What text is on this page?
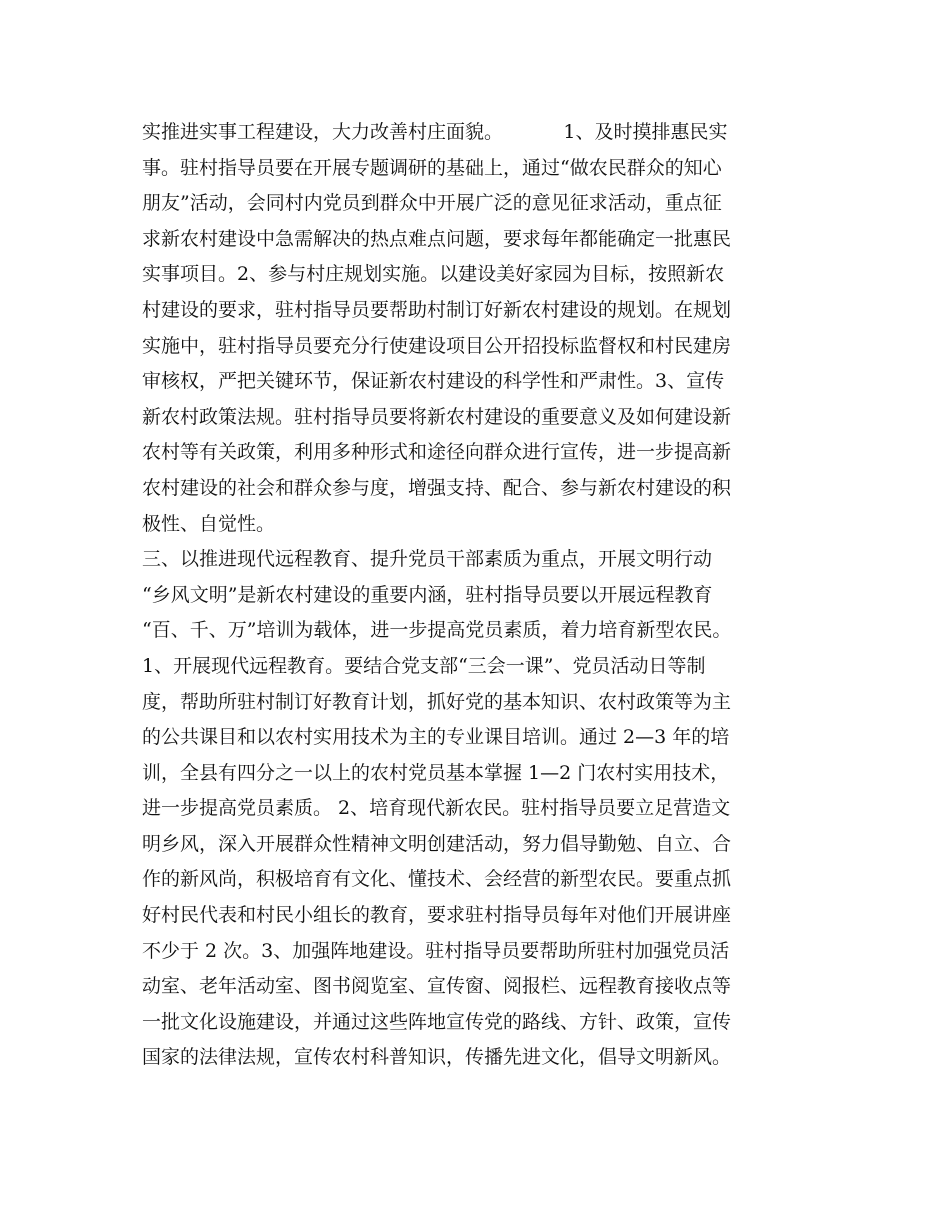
实推进实事工程建设，大力改善村庄面貌。          1、及时摸排惠民实
事。驻村指导员要在开展专题调研的基础上，通过“做农民群众的知心
朋友”活动，会同村内党员到群众中开展广泛的意见征求活动，重点征
求新农村建设中急需解决的热点难点问题，要求每年都能确定一批惠民
实事项目。2、参与村庄规划实施。以建设美好家园为目标，按照新农
村建设的要求，驻村指导员要帮助村制订好新农村建设的规划。在规划
实施中，驻村指导员要充分行使建设项目公开招投标监督权和村民建房
审核权，严把关键环节，保证新农村建设的科学性和严肃性。3、宣传
新农村政策法规。驻村指导员要将新农村建设的重要意义及如何建设新
农村等有关政策，利用多种形式和途径向群众进行宣传，进一步提高新
农村建设的社会和群众参与度，增强支持、配合、参与新农村建设的积
极性、自觉性。
三、以推进现代远程教育、提升党员干部素质为重点，开展文明行动
“乡风文明”是新农村建设的重要内涵，驻村指导员要以开展远程教育
“百、千、万”培训为载体，进一步提高党员素质，着力培育新型农民。
1、开展现代远程教育。要结合党支部“三会一课”、党员活动日等制
度，帮助所驻村制订好教育计划，抓好党的基本知识、农村政策等为主
的公共课目和以农村实用技术为主的专业课目培训。通过 2—3 年的培
训，全县有四分之一以上的农村党员基本掌握 1—2 门农村实用技术，
进一步提高党员素质。 2、培育现代新农民。驻村指导员要立足营造文
明乡风，深入开展群众性精神文明创建活动，努力倡导勤勉、自立、合
作的新风尚，积极培育有文化、懂技术、会经营的新型农民。要重点抓
好村民代表和村民小组长的教育，要求驻村指导员每年对他们开展讲座
不少于 2 次。3、加强阵地建设。驻村指导员要帮助所驻村加强党员活
动室、老年活动室、图书阅览室、宣传窗、阅报栏、远程教育接收点等
一批文化设施建设，并通过这些阵地宣传党的路线、方针、政策，宣传
国家的法律法规，宣传农村科普知识，传播先进文化，倡导文明新风。
